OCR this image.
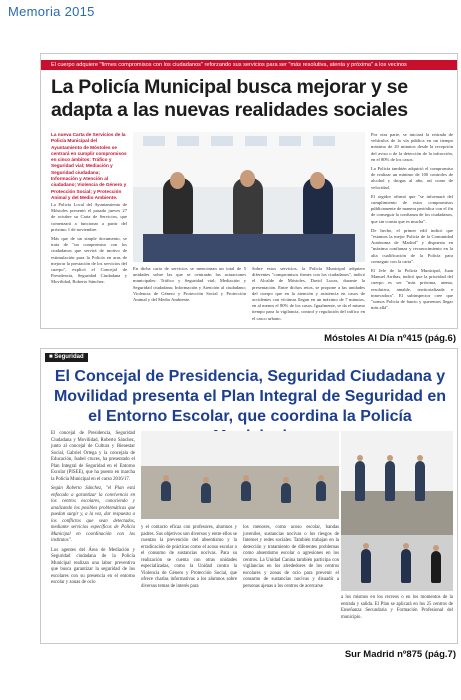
Memoria 2015
El cuerpo adquiere "firmes compromisos con los ciudadanos" reforzando sus servicios para ser "más resolutiva, atenta y próxima" a los vecinos
La Policía Municipal busca mejorar y se adapta a las nuevas realidades sociales
La nueva Carta de Servicios de la Policía Municipal del Ayuntamiento de Móstoles se centrará en cumplir compromisos en cinco ámbitos: Tráfico y Seguridad vial; Mediación y Seguridad ciudadana; Información y Atención al ciudadano; Violencia de Género y Protección Social; y Protección Animal y del Medio Ambiente.

La Policía Local del Ayuntamiento de Móstoles presentó el pasado jueves 27 de octubre su Carta de Servicios, que comenzará a funcionar a partir del próximo 1 de noviembre.

Más que de un simple documento, se trata de "un compromiso con los ciudadanos que servirá de motivo de estimulación para la Policía en aras de mejorar la prestación de los servicios del cuerpo", explicó el Concejal de Presidencia, Seguridad Ciudadana y Movilidad, Roberto Sánchez.

En dicha carta de servicios se mencionan un total de 5 unidades sobre las que se centrarán las actuaciones municipales: Tráfico y Seguridad vial; Mediación y Seguridad ciudadana; Información y Atención al ciudadano; Violencia de Género y Protección Social y Protección Animal y del Medio Ambiente.
Sobre estos servicios, la Policía Municipal adquiere diferentes "compromisos firmes con los ciudadanos", indicó el Alcalde de Móstoles, David Lucas, durante la presentación. Entre dichos retos, se propone a las unidades del cuerpo que en la atención y asistencia en casos de accidentes con víctimas llegan en un máximo de 7 minutos, en al menos el 80% de los casos. Igualmente, se da el mismo tiempo para la vigilancia, control y regulación del tráfico en el casco urbano.

Por otra parte, se iniciará la retirada de vehículos de la vía pública en un tiempo máximo de 20 minutos desde la recepción del aviso o de la detección de la infracción, en el 80% de los casos.

La Policía también adquirió el compromiso de realizar un mínimo de 100 controles de alcohol y drogas al año, así como de velocidad.

El regidor afirmó que "se informará del cumplimiento de estos compromisos públicamente de manera periódica con el fin de conseguir la confianza de los ciudadanos, que sin consta que es mucha".

De hecho, el primer edil indicó que "estamos la mejor Policía de la Comunidad Autónoma de Madrid" y dispuesta en "máxima confianza y reconocimiento en la alta cualificación de la Policía para conseguir con la carta".

El Jefe de la Policía Municipal, Juan Manuel Arribas, indicó que la prioridad del cuerpo es ser "más próxima, atenta, resolutiva, amable, territorializada e innovadora". El subinspector cree que "somos Policía de barrio y queremos llegar más allá".

Móstoles Al Día nº415 (pág.6)
■ Seguridad
El Concejal de Presidencia, Seguridad Ciudadana y Movilidad presenta el Plan Integral de Seguridad en el Entorno Escolar, que coordina la Policía

El concejal de Presidencia, Seguridad Ciudadana y Movilidad, Roberto Sánchez, junto al concejal de Cultura y Bienestar Social, Gabriel Ortega y la concejala de Educación, Isabel cruces, ha presentado el Plan Integral de Seguridad en el Entorno Escolar (PISEE), que ha puesto en marcha la Policía Municipal en el curso 2016/17.

Según Roberto Sánchez, "el Plan está enfocado a garantizar la convivencia en los centros escolares, conociendo y analizando los posibles problemáticas que puedan surgir y, a la vez, dar respuesta a los conflictos que sean detectados, mediante servicios específicos de Policía Municipal en coordinación con los institutos".

Los agentes del Área de Mediación y Seguridad ciudadana de la Policía Municipal realizan una labor preventiva que busca garantizar la seguridad de los escolares con su presencia en el entorno escolar y zonas de ocio

y el contacto eficaz con profesores, alumnos y padres. Sus objetivos son diversos y entre ellos se cuentan la prevención del absentismo y la erradicación de prácticas como el acoso escolar o el consumo de sustancias nocivas. Para su realización se cuenta con otras unidades especializadas, como la Unidad contra la Violencia de Género y Protección Social, que ofrece charlas informativas a los alumnos sobre diversos temas de interés para
los menores, como acoso escolar, bandas juveniles, sustancias nocivas o los riesgos de Internet y redes sociales. También trabajan en la detección y tratamiento de diferentes problemas como absentismo escolar o agresiones en los centros. La Unidad Canina también participa con vigilancias en los alrededores de los centros escolares y zonas de ocio para prevenir el consumo de sustancias nocivas y disuadir a personas ajenas a los centros de acercarse
a los mismos en los recreos o en los momentos de la entrada y salida. El Plan se aplicará en los 25 centros de Enseñanza Secundaria y Formación Profesional del municipio.
Sur Madrid nº875 (pág.7)
